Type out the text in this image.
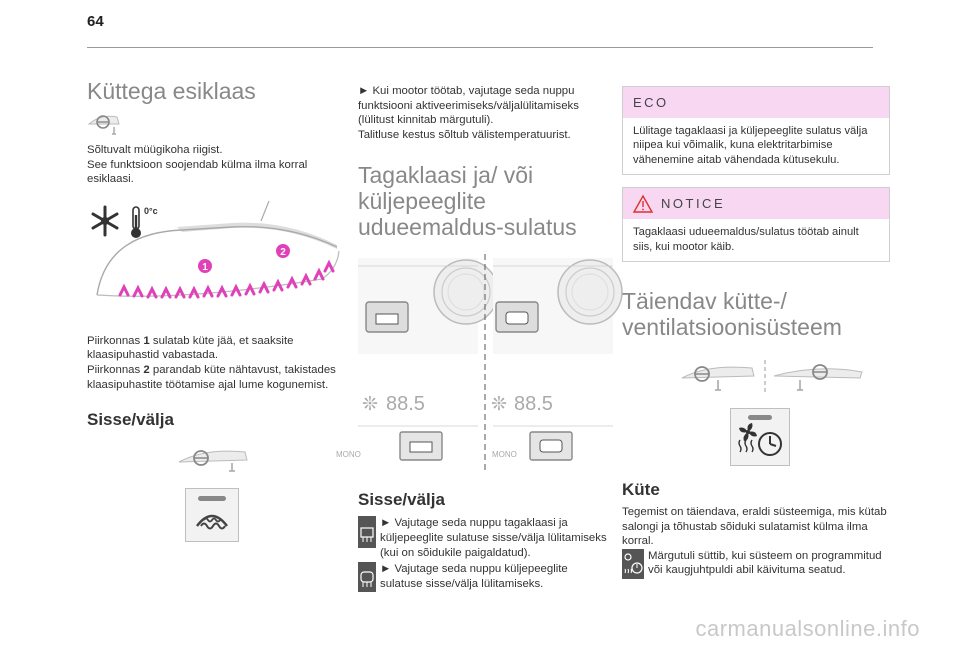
64
Küttega esiklaas

Sõltuvalt müügikoha riigist.
See funktsioon soojendab külma ilma korral esiklaasi.

0°c
1
2

Piirkonnas 1 sulatab küte jää, et saaksite klaasipuhastid vabastada.
Piirkonnas 2 parandab küte nähtavust, takistades klaasipuhastite töötamise ajal lume kogunemist.

Sisse/välja

► Kui mootor töötab, vajutage seda nuppu funktsiooni aktiveerimiseks/väljalülitamiseks (lülitust kinnitab märgutuli).

Talitluse kestus sõltub välistemperatuurist.

Tagaklaasi ja/ või küljepeeglite udueemaldus-sulatus
❊ 88.5
MONO
❊ 88.5
MONO
Sisse/välja

► Vajutage seda nuppu tagaklaasi ja küljepeeglite sulatuse sisse/välja lülitamiseks (kui on sõidukile paigaldatud).

► Vajutage seda nuppu küljepeeglite sulatuse sisse/välja lülitamiseks.

ECO
Lülitage tagaklaasi ja küljepeeglite sulatus välja niipea kui võimalik, kuna elektritarbimise vähenemine aitab vähendada kütusekulu.
NOTICE
Tagaklaasi udueemaldus/sulatus töötab ainult siis, kui mootor käib.
Täiendav kütte-/ ventilatsioonisüsteem
Küte

Tegemist on täiendava, eraldi süsteemiga, mis kütab salongi ja tõhustab sõiduki sulatamist külma ilma korral.

Märgutuli süttib, kui süsteem on programmitud või kaugjuhtpuldi abil käivituma seatud.

carmanualsonline.info
